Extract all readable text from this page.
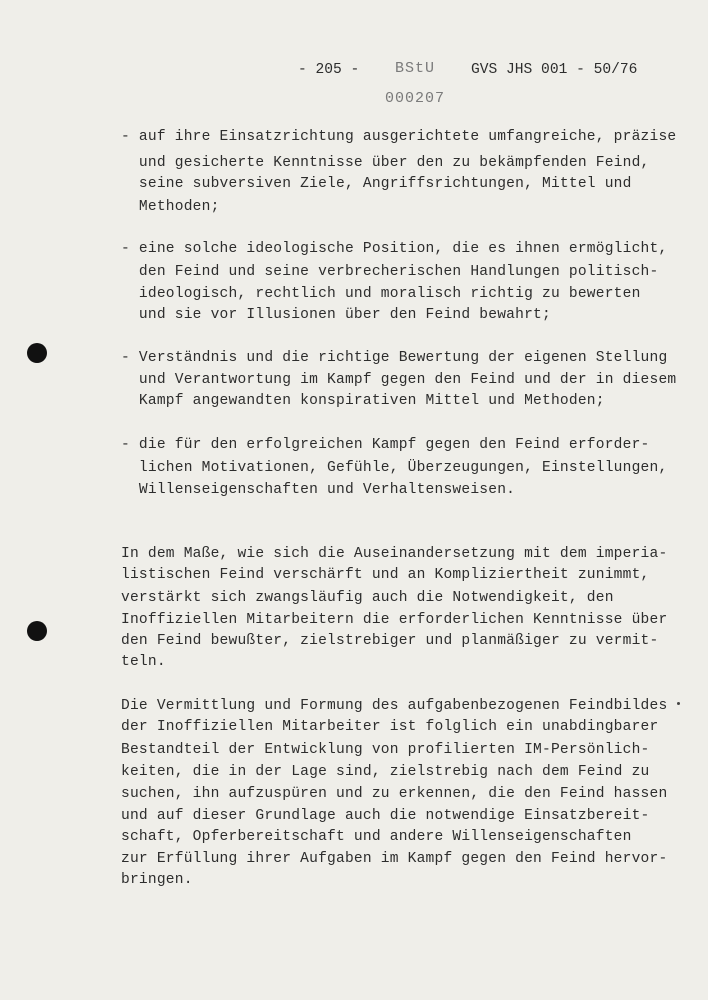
- 205 - BStU
000207
GVS JHS 001 - 50/76
- auf ihre Einsatzrichtung ausgerichtete umfangreiche, präzise
und gesicherte Kenntnisse über den zu bekämpfenden Feind,
seine subversiven Ziele, Angriffsrichtungen, Mittel und
Methoden;
- eine solche ideologische Position, die es ihnen ermöglicht,
den Feind und seine verbrecherischen Handlungen politisch-
ideologisch, rechtlich und moralisch richtig zu bewerten
und sie vor Illusionen über den Feind bewahrt;
- Verständnis und die richtige Bewertung der eigenen Stellung
und Verantwortung im Kampf gegen den Feind und der in diesem
Kampf angewandten konspirativen Mittel und Methoden;
- die für den erfolgreichen Kampf gegen den Feind erforder-
lichen Motivationen, Gefühle, Überzeugungen, Einstellungen,
Willenseigenschaften und Verhaltensweisen.
In dem Maße, wie sich die Auseinandersetzung mit dem imperia-
listischen Feind verschärft und an Kompliziertheit zunimmt,
verstärkt sich zwangsläufig auch die Notwendigkeit, den
Inoffiziellen Mitarbeitern die erforderlichen Kenntnisse über
den Feind bewußter, zielstrebiger und planmäßiger zu vermit-
teln.
Die Vermittlung und Formung des aufgabenbezogenen Feindbildes
der Inoffiziellen Mitarbeiter ist folglich ein unabdingbarer
Bestandteil der Entwicklung von profilierten IM-Persönlich-
keiten, die in der Lage sind, zielstrebig nach dem Feind zu
suchen, ihn aufzuspüren und zu erkennen, die den Feind hassen
und auf dieser Grundlage auch die notwendige Einsatzbereit-
schaft, Opferbereitschaft und andere Willenseigenschaften
zur Erfüllung ihrer Aufgaben im Kampf gegen den Feind hervor-
bringen.
